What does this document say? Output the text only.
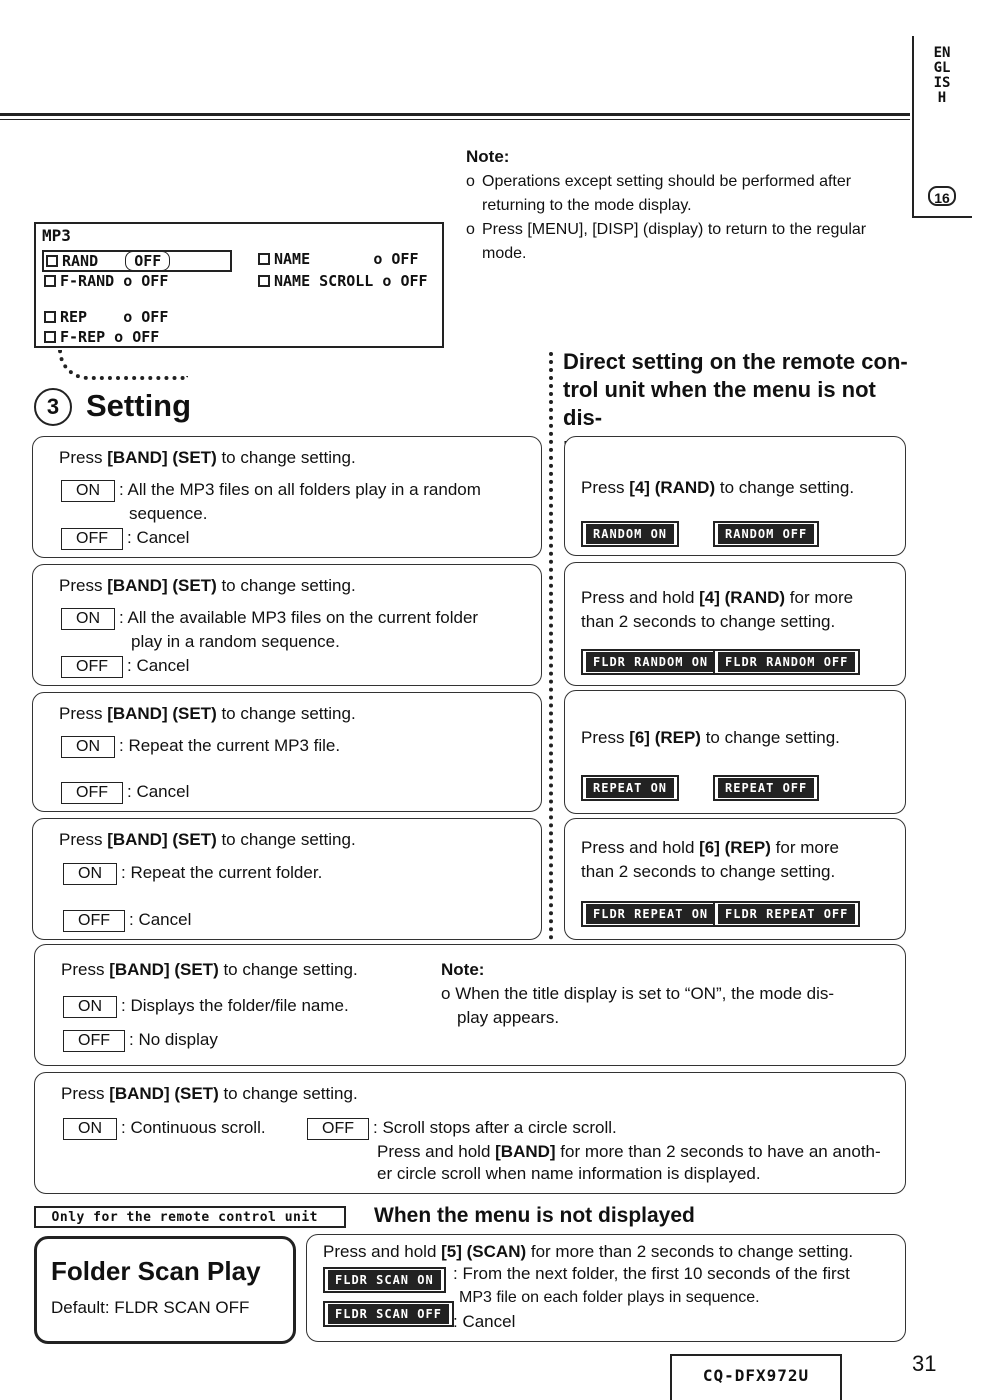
ENGLISH
16
Note:
o Operations except setting should be performed after returning to the mode display.
o Press [MENU], [DISP] (display) to return to the regular mode.
MP3
RAND OFF
F-RAND o OFF
REP    o OFF
F-REP o OFF
NAME       o OFF
NAME SCROLL o OFF
3 Setting
Direct setting on the remote con-
trol unit when the menu is not dis-
Press [BAND] (SET) to change setting.
ON : All the MP3 files on all folders play in a random
sequence.
OFF : Cancel
Press [BAND] (SET) to change setting.
ON : All the available MP3 files on the current folder
play in a random sequence.
OFF : Cancel
Press [BAND] (SET) to change setting.
ON : Repeat the current MP3 file.
OFF : Cancel
Press [BAND] (SET) to change setting.
ON : Repeat the current folder.
OFF : Cancel
Press [4] (RAND) to change setting.
RANDOM ON	RANDOM OFF
Press and hold [4] (RAND) for more
than 2 seconds to change setting.
FLDR RANDOM ON	FLDR RANDOM OFF
Press [6] (REP) to change setting.
REPEAT ON	REPEAT OFF
Press and hold [6] (REP) for more
than 2 seconds to change setting.
FLDR REPEAT ON	FLDR REPEAT OFF
Press [BAND] (SET) to change setting.
ON : Displays the folder/file name.
OFF : No display
Note:
o When the title display is set to “ON”, the mode dis-
play appears.
Press [BAND] (SET) to change setting.
ON : Continuous scroll.	OFF : Scroll stops after a circle scroll.
Press and hold [BAND] for more than 2 seconds to have an anoth-
er circle scroll when name information is displayed.
Only for the remote control unit	When the menu is not displayed
Folder Scan Play
Default: FLDR SCAN OFF
Press and hold [5] (SCAN) for more than 2 seconds to change setting.
FLDR SCAN ON	: From the next folder, the first 10 seconds of the first
MP3 file on each folder plays in sequence.
FLDR SCAN OFF : Cancel
CQ-DFX972U	31
